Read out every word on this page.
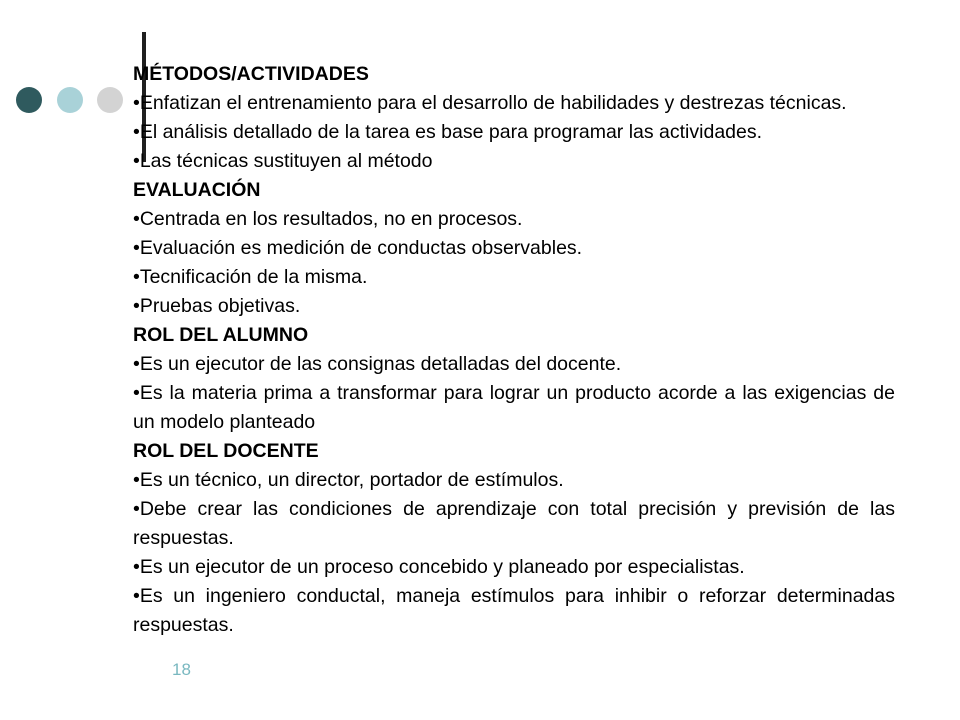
MÉTODOS/ACTIVIDADES

•Enfatizan el entrenamiento para el desarrollo de habilidades y destrezas técnicas.

•El análisis detallado de la tarea es base para programar las actividades.

•Las técnicas sustituyen al método

EVALUACIÓN

•Centrada en los resultados, no en procesos.

•Evaluación es medición de conductas observables.

•Tecnificación de la misma.

•Pruebas objetivas.

ROL DEL ALUMNO

•Es un ejecutor de las consignas detalladas del docente.

•Es la materia prima a transformar para lograr un producto acorde a las exigencias de un modelo planteado

ROL DEL DOCENTE

•Es un técnico, un director, portador de estímulos.

•Debe crear las condiciones de aprendizaje con total precisión y previsión de las respuestas.

•Es un ejecutor de un proceso concebido y planeado por especialistas.

•Es un ingeniero conductal, maneja estímulos para inhibir o reforzar determinadas respuestas.

18
